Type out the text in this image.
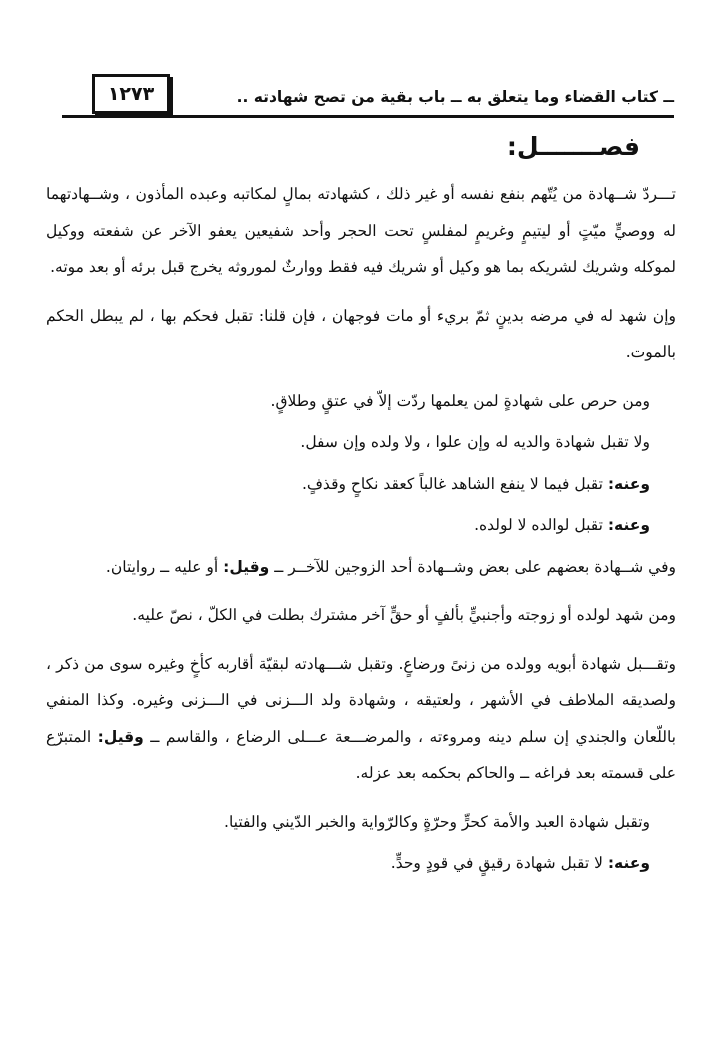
١٢٧٣	ــ كتاب القضاء وما يتعلق به ــ باب بقية من تصح شهادته ..
فصـــــــل:

تـــردّ شــهادة من يُتّهم بنفع نفسه أو غير ذلك ، كشهادته بمالٍ لمكاتبه وعبده المأذون ، وشــهادتهما له ووصيٍّ ميّتٍ أو ليتيمٍ وغريمٍ لمفلسٍ تحت الحجر وأحد شفيعين يعفو الآخر عن شفعته ووكيل لموكله وشريك لشريكه بما هو وكيل أو شريك فيه فقط ووارثٌ لموروثه يخرج قبل برئه أو بعد موته.

وإن شهد له في مرضه بدينٍ ثمّ بريء أو مات فوجهان ، فإن قلنا: تقبل فحكم بها ، لم يبطل الحكم بالموت.

ومن حرص على شهادةٍ لمن يعلمها ردّت إلاّ في عتقٍ وطلاقٍ.

ولا تقبل شهادة والديه له وإن علوا ، ولا ولده وإن سفل.

وعنه: تقبل فيما لا ينفع الشاهد غالباً كعقد نكاحٍ وقذفٍ.

وعنه: تقبل لوالده لا لولده.

وفي شــهادة بعضهم على بعض وشــهادة أحد الزوجين للآخــر ــ وقيل: أو عليه ــ روايتان.

ومن شهد لولده أو زوجته وأجنبيٍّ بألفٍ أو حقٍّ آخر مشترك بطلت في الكلّ ، نصّ عليه.

وتقـــبل شهادة أبويه وولده من زنىً ورضاعٍ. وتقبل شـــهادته لبقيّة أقاربه كأخٍ وغيره سوى من ذكر ، ولصديقه الملاطف في الأشهر ، ولعتيقه ، وشهادة ولد الـــزنى في الـــزنى وغيره. وكذا المنفي باللّعان والجندي إن سلم دينه ومروءته ، والمرضـــعة عـــلى الرضاع ، والقاسم ــ وقيل: المتبرّع على قسمته بعد فراغه ــ والحاكم بحكمه بعد عزله.

وتقبل شهادة العبد والأمة كحرٍّ وحرّةٍ وكالرّواية والخبر الدّيني والفتيا.

وعنه: لا تقبل شهادة رقيقٍ في قودٍ وحدٍّ.
